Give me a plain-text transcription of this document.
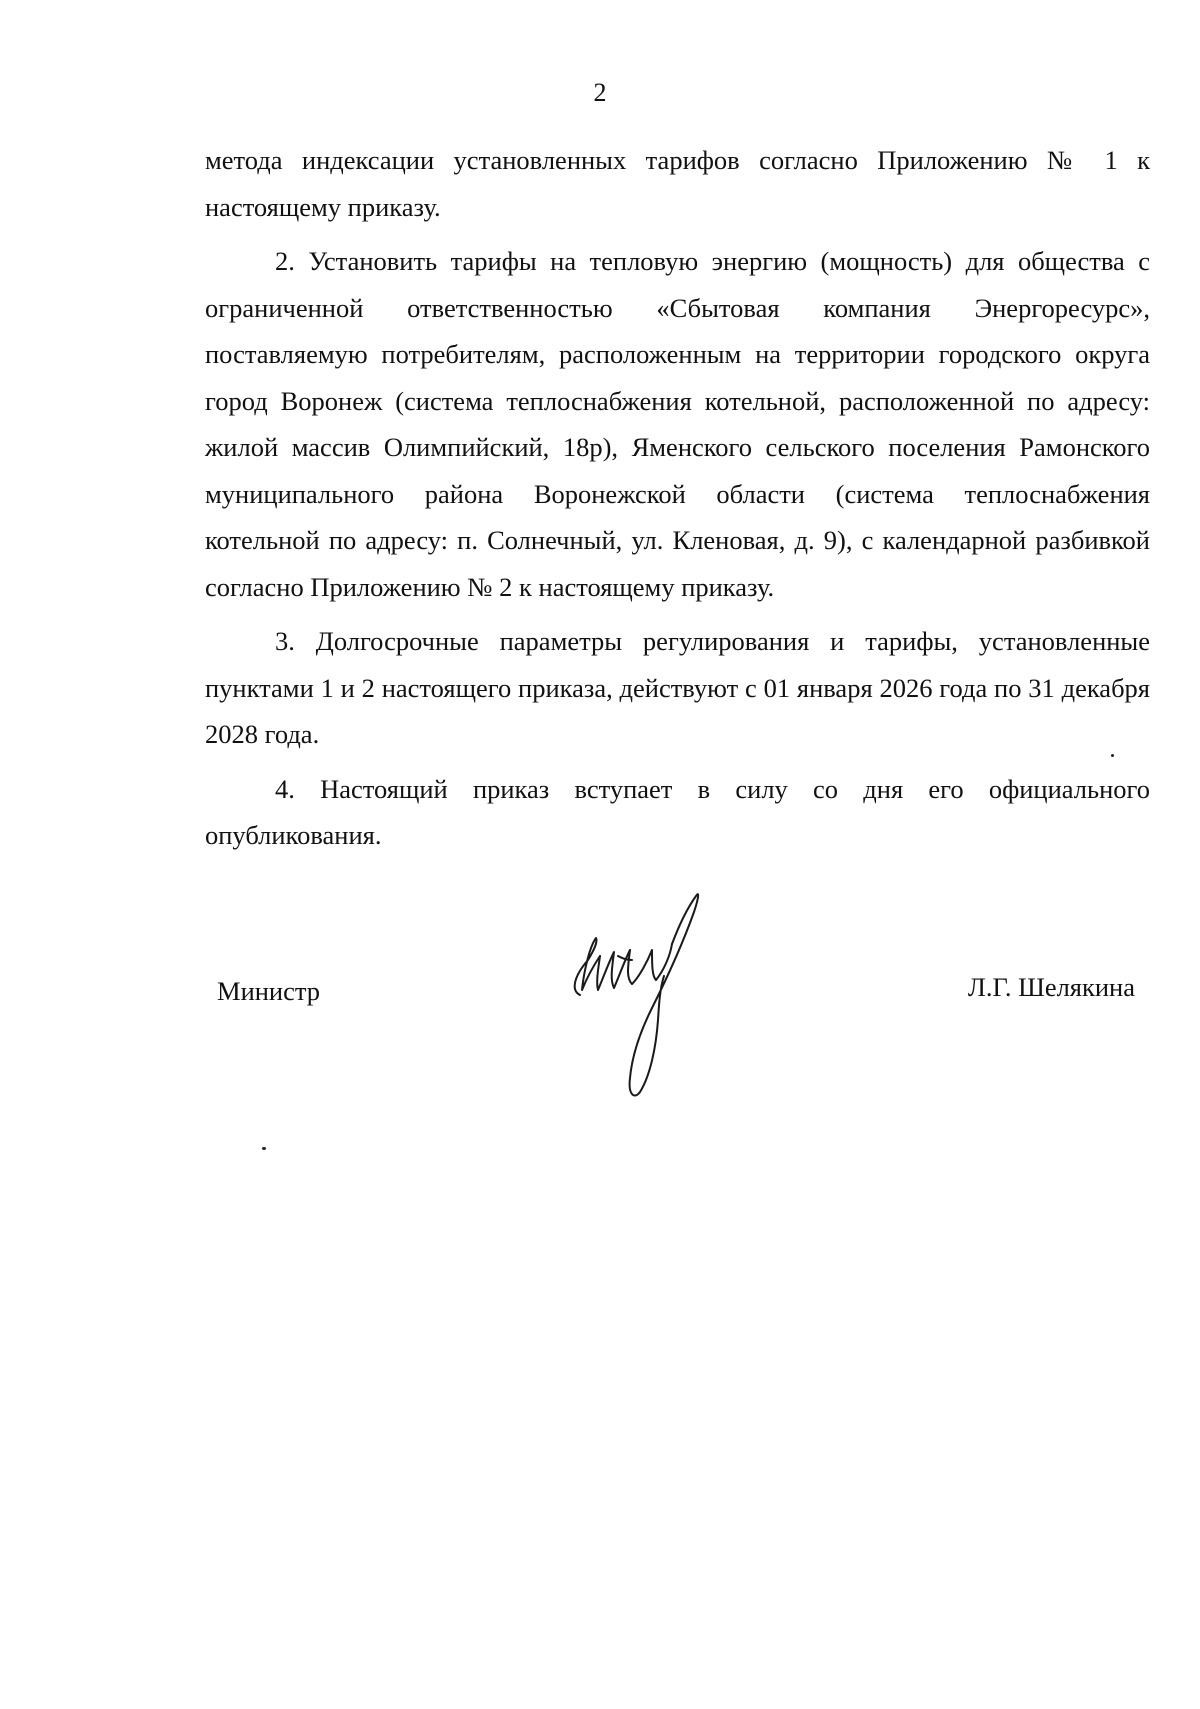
2

метода индексации установленных тарифов согласно Приложению № 1 к настоящему приказу.

2. Установить тарифы на тепловую энергию (мощность) для общества с ограниченной ответственностью «Сбытовая компания Энергоресурс», поставляемую потребителям, расположенным на территории городского округа город Воронеж (система теплоснабжения котельной, расположенной по адресу: жилой массив Олимпийский, 18р), Яменского сельского поселения Рамонского муниципального района Воронежской области (система теплоснабжения котельной по адресу: п. Солнечный, ул. Кленовая, д. 9), с календарной разбивкой согласно Приложению № 2 к настоящему приказу.

3. Долгосрочные параметры регулирования и тарифы, установленные пунктами 1 и 2 настоящего приказа, действуют с 01 января 2026 года по 31 декабря 2028 года.

4. Настоящий приказ вступает в силу со дня его официального опубликования.

Министр	Л.Г. Шелякина
